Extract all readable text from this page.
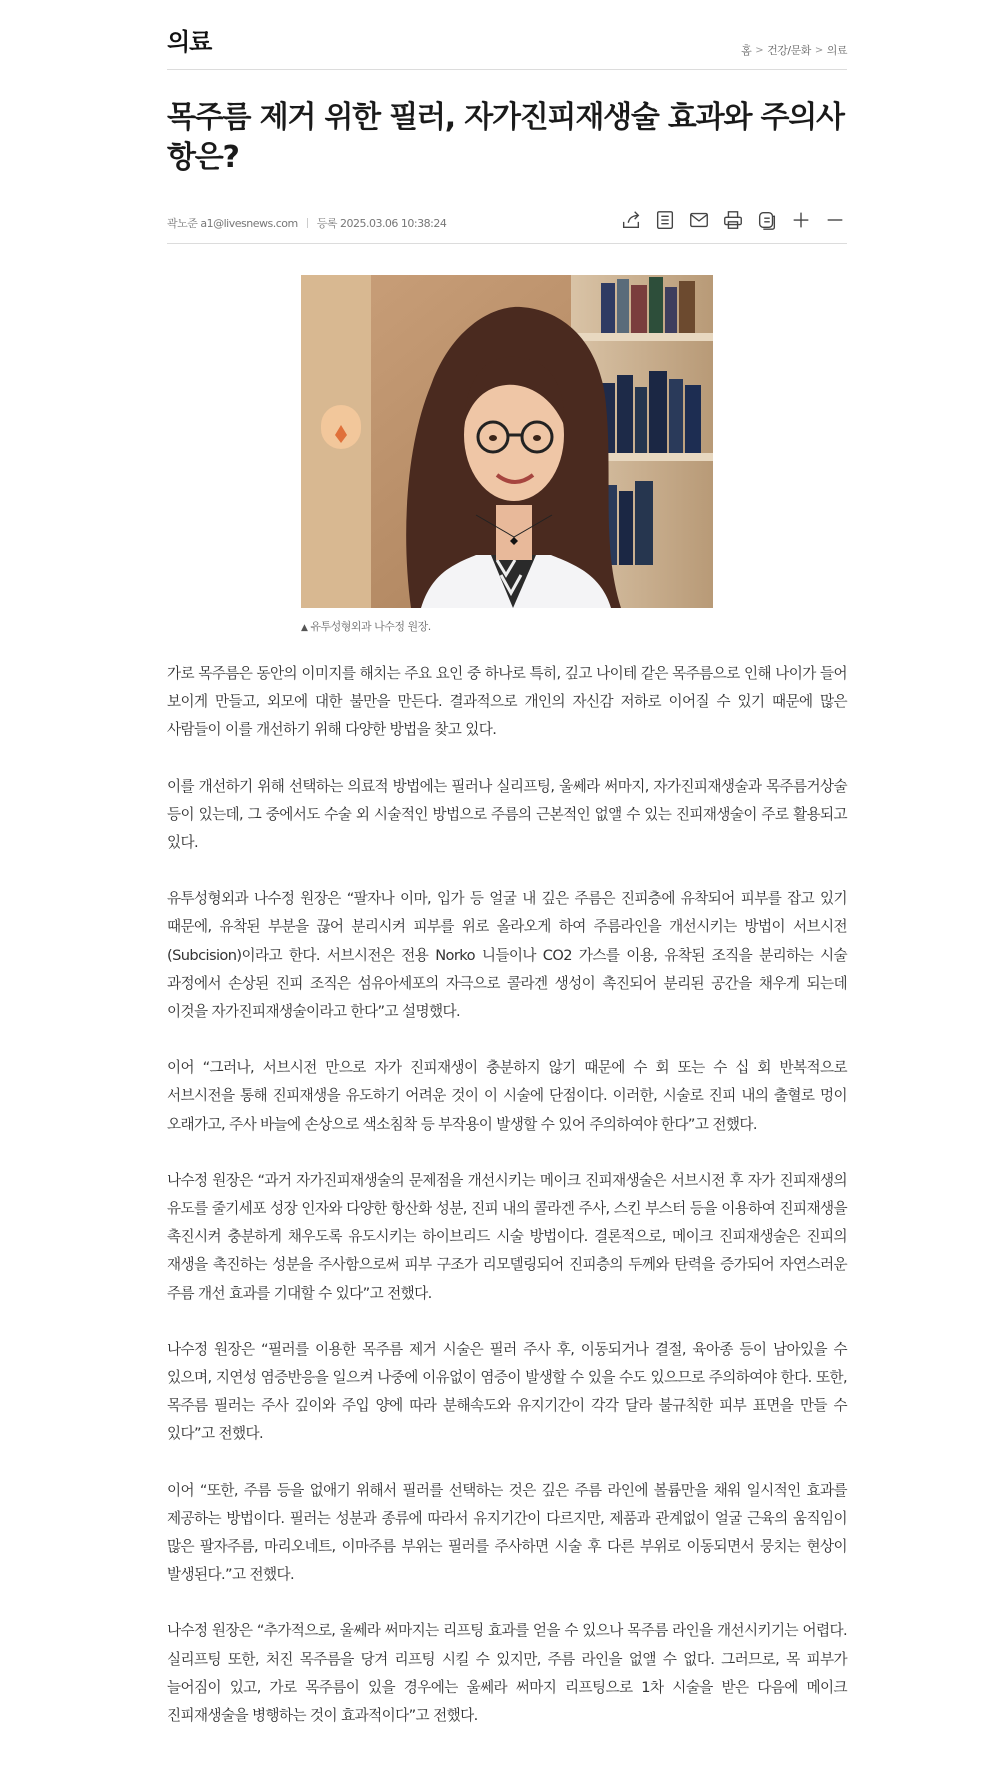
의료	홈 > 건강/문화 > 의료
목주름 제거 위한 필러, 자가진피재생술 효과와 주의사항은?
곽노준 a1@livesnews.com 등록 2025.03.06 10:38:24
▲ 유투성형외과 나수정 원장.

가로 목주름은 동안의 이미지를 해치는 주요 요인 중 하나로 특히, 깊고 나이테 같은 목주름으로 인해 나이가 들어 보이게 만들고, 외모에 대한 불만을 만든다. 결과적으로 개인의 자신감 저하로 이어질 수 있기 때문에 많은 사람들이 이를 개선하기 위해 다양한 방법을 찾고 있다.

이를 개선하기 위해 선택하는 의료적 방법에는 필러나 실리프팅, 울쎄라 써마지, 자가진피재생술과 목주름거상술 등이 있는데, 그 중에서도 수술 외 시술적인 방법으로 주름의 근본적인 없앨 수 있는 진피재생술이 주로 활용되고 있다.

유투성형외과 나수정 원장은 “팔자나 이마, 입가 등 얼굴 내 깊은 주름은 진피층에 유착되어 피부를 잡고 있기 때문에, 유착된 부분을 끊어 분리시켜 피부를 위로 올라오게 하여 주름라인을 개선시키는 방법이 서브시전(Subcision)이라고 한다. 서브시전은 전용 Norko 니들이나 CO2 가스를 이용, 유착된 조직을 분리하는 시술 과정에서 손상된 진피 조직은 섬유아세포의 자극으로 콜라겐 생성이 촉진되어 분리된 공간을 채우게 되는데 이것을 자가진피재생술이라고 한다”고 설명했다.

이어 “그러나, 서브시전 만으로 자가 진피재생이 충분하지 않기 때문에 수 회 또는 수 십 회 반복적으로 서브시전을 통해 진피재생을 유도하기 어려운 것이 이 시술에 단점이다. 이러한, 시술로 진피 내의 출혈로 멍이 오래가고, 주사 바늘에 손상으로 색소침착 등 부작용이 발생할 수 있어 주의하여야 한다”고 전했다.

나수정 원장은 “과거 자가진피재생술의 문제점을 개선시키는 메이크 진피재생술은 서브시전 후 자가 진피재생의 유도를 줄기세포 성장 인자와 다양한 항산화 성분, 진피 내의 콜라겐 주사, 스킨 부스터 등을 이용하여 진피재생을 촉진시켜 충분하게 채우도록 유도시키는 하이브리드 시술 방법이다. 결론적으로, 메이크 진피재생술은 진피의 재생을 촉진하는 성분을 주사함으로써 피부 구조가 리모델링되어 진피층의 두께와 탄력을 증가되어 자연스러운 주름 개선 효과를 기대할 수 있다”고 전했다.

나수정 원장은 “필러를 이용한 목주름 제거 시술은 필러 주사 후, 이동되거나 결절, 육아종 등이 남아있을 수 있으며, 지연성 염증반응을 일으켜 나중에 이유없이 염증이 발생할 수 있을 수도 있으므로 주의하여야 한다. 또한, 목주름 필러는 주사 깊이와 주입 양에 따라 분해속도와 유지기간이 각각 달라 불규칙한 피부 표면을 만들 수 있다”고 전했다.

이어 “또한, 주름 등을 없애기 위해서 필러를 선택하는 것은 깊은 주름 라인에 볼륨만을 채워 일시적인 효과를 제공하는 방법이다. 필러는 성분과 종류에 따라서 유지기간이 다르지만, 제품과 관계없이 얼굴 근육의 움직임이 많은 팔자주름, 마리오네트, 이마주름 부위는 필러를 주사하면 시술 후 다른 부위로 이동되면서 뭉치는 현상이 발생된다.”고 전했다.

나수정 원장은 “추가적으로, 울쎄라 써마지는 리프팅 효과를 얻을 수 있으나 목주름 라인을 개선시키기는 어렵다. 실리프팅 또한, 처진 목주름을 당겨 리프팅 시킬 수 있지만, 주름 라인을 없앨 수 없다. 그러므로, 목 피부가 늘어짐이 있고, 가로 목주름이 있을 경우에는 울쎄라 써마지 리프팅으로 1차 시술을 받은 다음에 메이크 진피재생술을 병행하는 것이 효과적이다”고 전했다.
